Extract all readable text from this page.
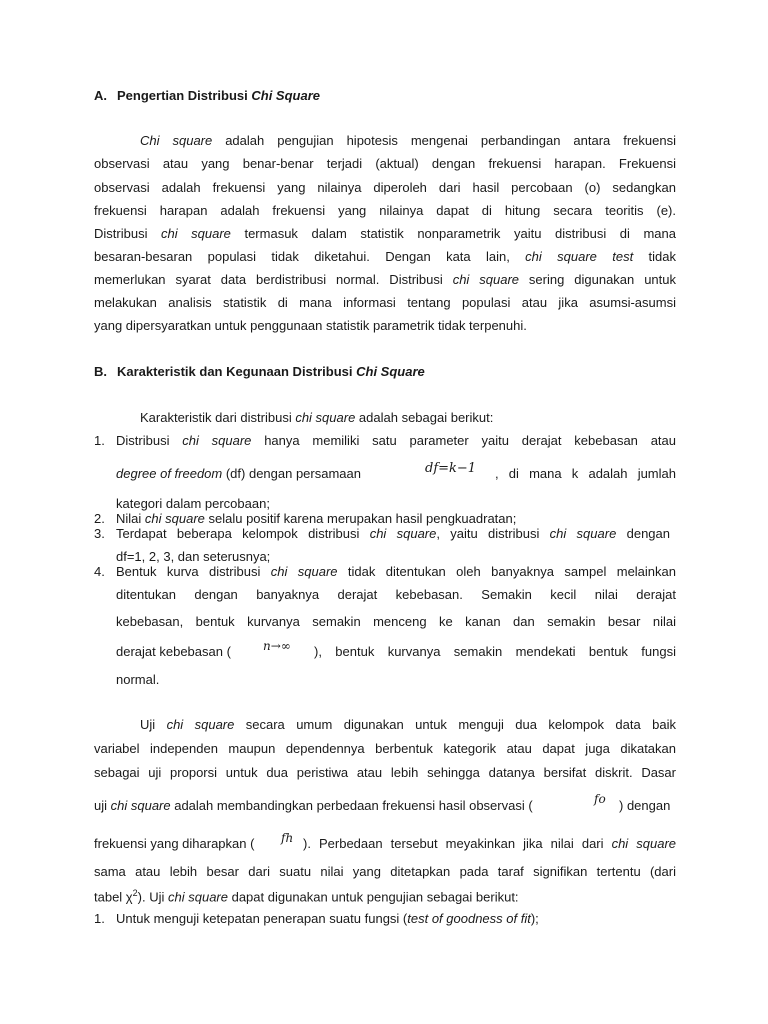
A. Pengertian Distribusi Chi Square
Chi square adalah pengujian hipotesis mengenai perbandingan antara frekuensi
observasi atau yang benar-benar terjadi (aktual) dengan frekuensi harapan. Frekuensi
observasi adalah frekuensi yang nilainya diperoleh dari hasil percobaan (o) sedangkan
frekuensi harapan adalah frekuensi yang nilainya dapat di hitung secara teoritis (e).
Distribusi chi square termasuk dalam statistik nonparametrik yaitu distribusi di mana
besaran-besaran populasi tidak diketahui. Dengan kata lain, chi square test tidak
memerlukan syarat data berdistribusi normal. Distribusi chi square sering digunakan untuk
melakukan analisis statistik di mana informasi tentang populasi atau jika asumsi-asumsi
yang dipersyaratkan untuk penggunaan statistik parametrik tidak terpenuhi.
B. Karakteristik dan Kegunaan Distribusi Chi Square
Karakteristik dari distribusi chi square adalah sebagai berikut:
1. Distribusi chi square hanya memiliki satu parameter yaitu derajat kebebasan atau
degree of freedom (df) dengan persamaan	df=k−1 , di mana k adalah jumlah
kategori dalam percobaan;
2. Nilai chi square selalu positif karena merupakan hasil pengkuadratan;
3. Terdapat beberapa kelompok distribusi chi square, yaitu distribusi chi square dengan
df=1, 2, 3, dan seterusnya;
4. Bentuk kurva distribusi chi square tidak ditentukan oleh banyaknya sampel melainkan
ditentukan dengan banyaknya derajat kebebasan. Semakin kecil nilai derajat
kebebasan, bentuk kurvanya semakin menceng ke kanan dan semakin besar nilai
derajat kebebasan (	n→∞ ), bentuk kurvanya semakin mendekati bentuk fungsi
normal.
Uji chi square secara umum digunakan untuk menguji dua kelompok data baik
variabel independen maupun dependennya berbentuk kategorik atau dapat juga dikatakan
sebagai uji proporsi untuk dua peristiwa atau lebih sehingga datanya bersifat diskrit. Dasar
uji chi square adalah membandingkan perbedaan frekuensi hasil observasi (	fo ) dengan
frekuensi yang diharapkan ( fh ). Perbedaan tersebut meyakinkan jika nilai dari chi square
sama atau lebih besar dari suatu nilai yang ditetapkan pada taraf signifikan tertentu (dari
tabel $\chi^2$). Uji chi square dapat digunakan untuk pengujian sebagai berikut:
1. Untuk menguji ketepatan penerapan suatu fungsi (test of goodness of fit);
